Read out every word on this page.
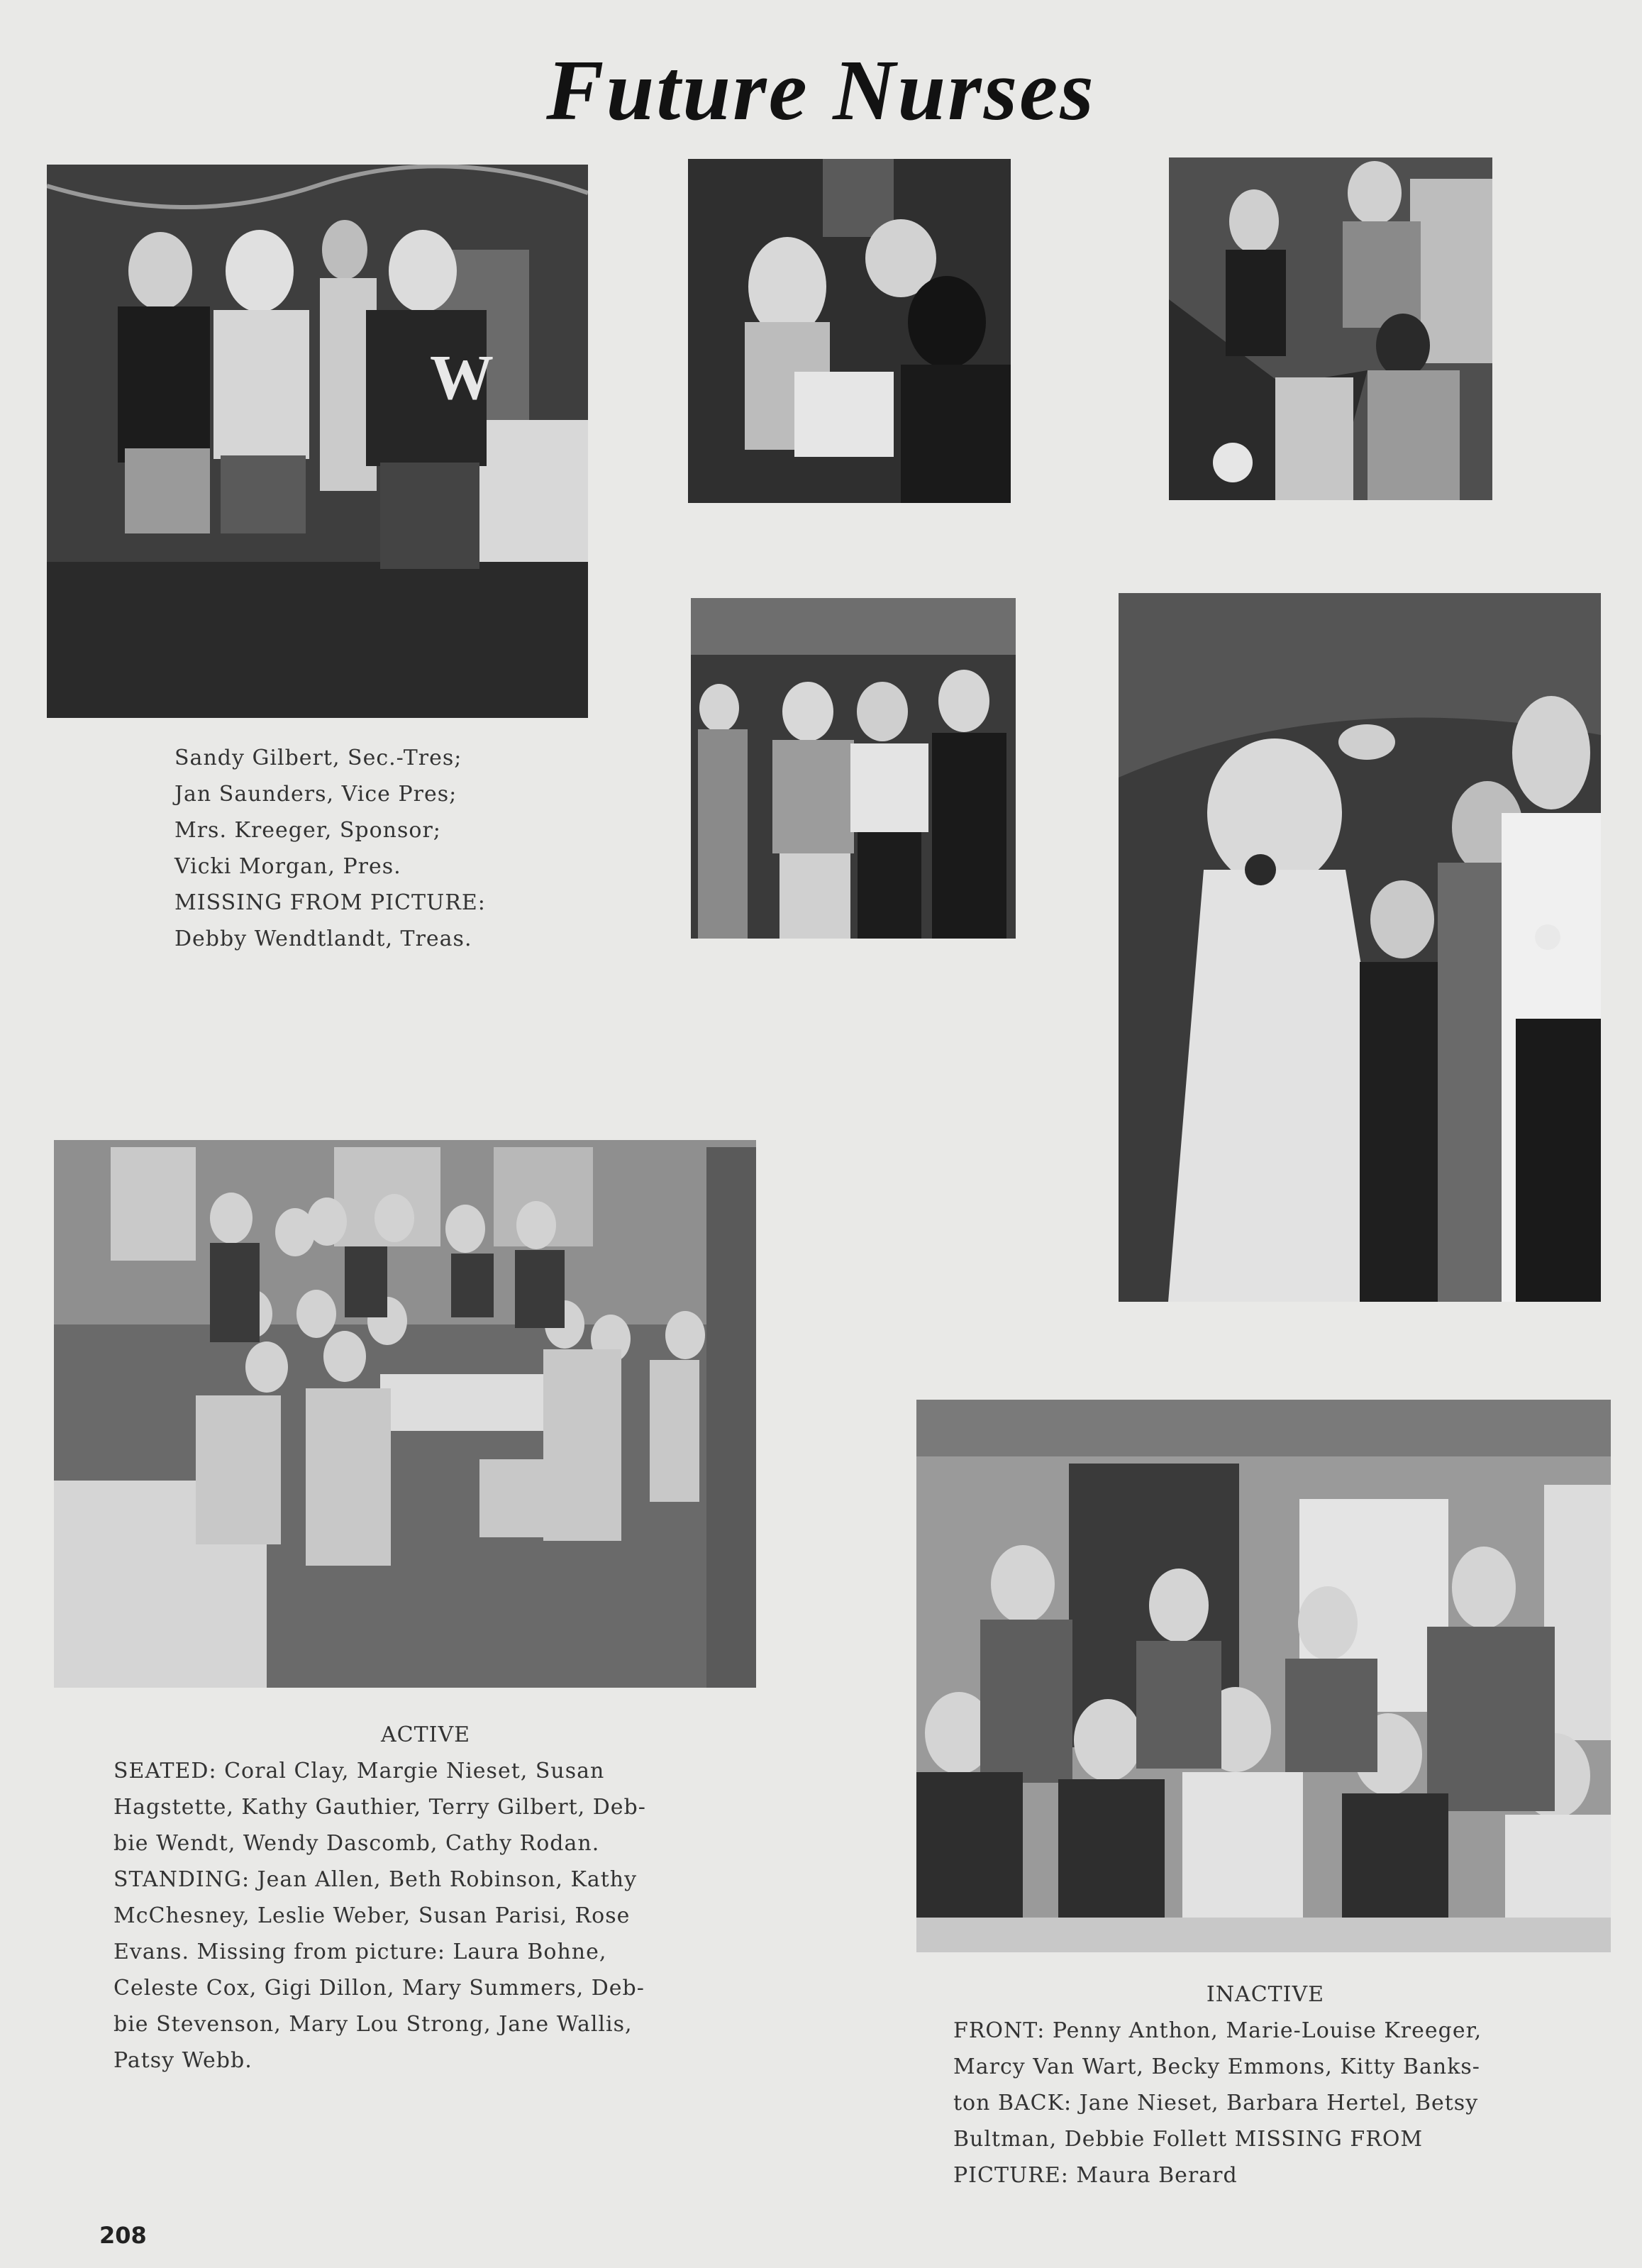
Future Nurses
W
Sandy Gilbert, Sec.-Tres;
Jan Saunders, Vice Pres;
Mrs. Kreeger, Sponsor;
Vicki Morgan, Pres.
MISSING FROM PICTURE:
Debby Wendtlandt, Treas.
ACTIVE
SEATED: Coral Clay, Margie Nieset, Susan
Hagstette, Kathy Gauthier, Terry Gilbert, Deb-
bie Wendt, Wendy Dascomb, Cathy Rodan.
STANDING: Jean Allen, Beth Robinson, Kathy
McChesney, Leslie Weber, Susan Parisi, Rose
Evans. Missing from picture: Laura Bohne,
Celeste Cox, Gigi Dillon, Mary Summers, Deb-
bie Stevenson, Mary Lou Strong, Jane Wallis,
Patsy Webb.
INACTIVE
FRONT: Penny Anthon, Marie-Louise Kreeger,
Marcy Van Wart, Becky Emmons, Kitty Banks-
ton BACK: Jane Nieset, Barbara Hertel, Betsy
Bultman, Debbie Follett MISSING FROM
PICTURE: Maura Berard
208
